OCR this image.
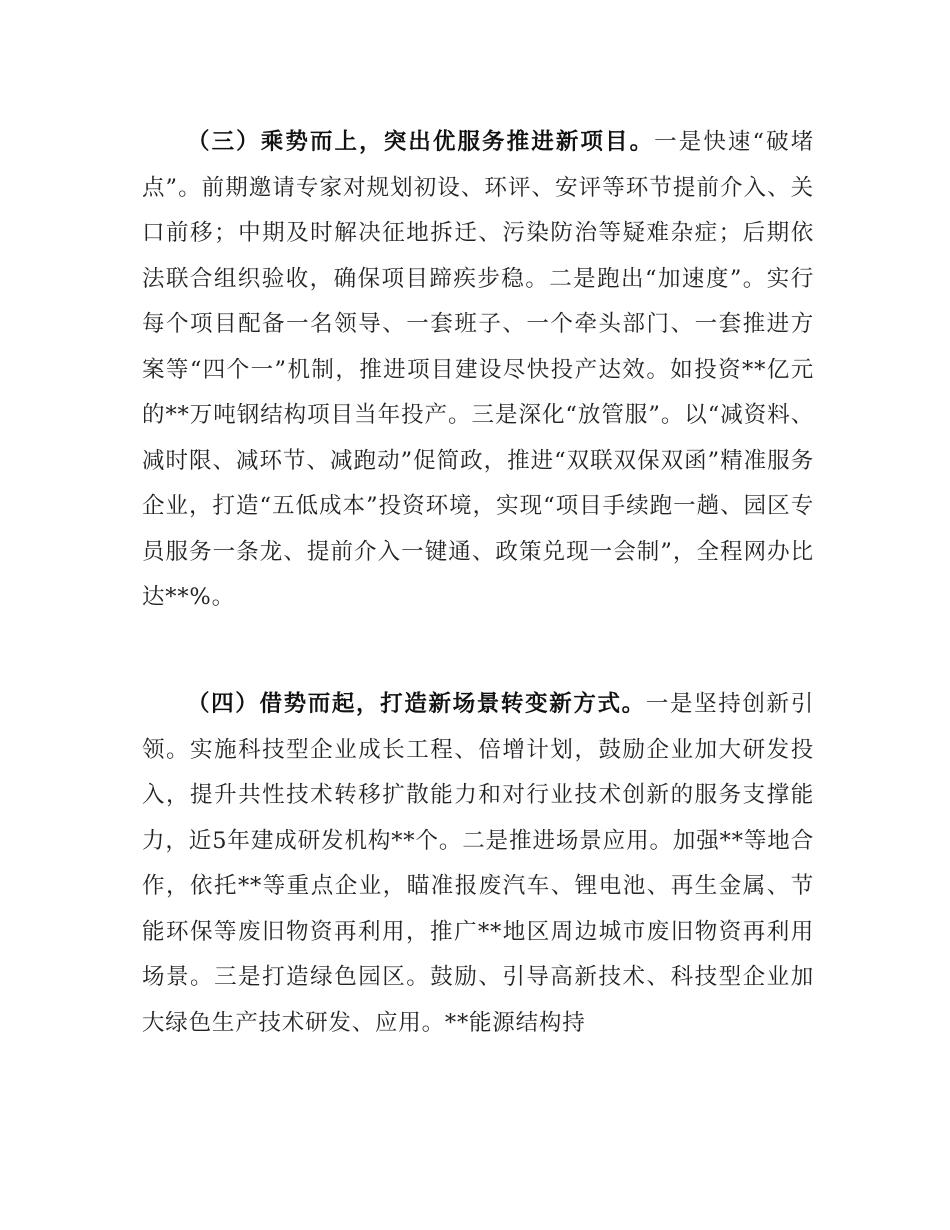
（三）乘势而上，突出优服务推进新项目。一是快速“破堵点”。前期邀请专家对规划初设、环评、安评等环节提前介入、关口前移；中期及时解决征地拆迁、污染防治等疑难杂症；后期依法联合组织验收，确保项目蹄疾步稳。二是跑出“加速度”。实行每个项目配备一名领导、一套班子、一个牵头部门、一套推进方案等“四个一”机制，推进项目建设尽快投产达效。如投资**亿元的**万吨钢结构项目当年投产。三是深化“放管服”。以“减资料、减时限、减环节、减跑动”促简政，推进“双联双保双函”精准服务企业，打造“五低成本”投资环境，实现“项目手续跑一趟、园区专员服务一条龙、提前介入一键通、政策兑现一会制”，全程网办比达**%。

（四）借势而起，打造新场景转变新方式。一是坚持创新引领。实施科技型企业成长工程、倍增计划，鼓励企业加大研发投入，提升共性技术转移扩散能力和对行业技术创新的服务支撑能力，近5年建成研发机构**个。二是推进场景应用。加强**等地合作，依托**等重点企业，瞄准报废汽车、锂电池、再生金属、节能环保等废旧物资再利用，推广**地区周边城市废旧物资再利用场景。三是打造绿色园区。鼓励、引导高新技术、科技型企业加大绿色生产技术研发、应用。**能源结构持
